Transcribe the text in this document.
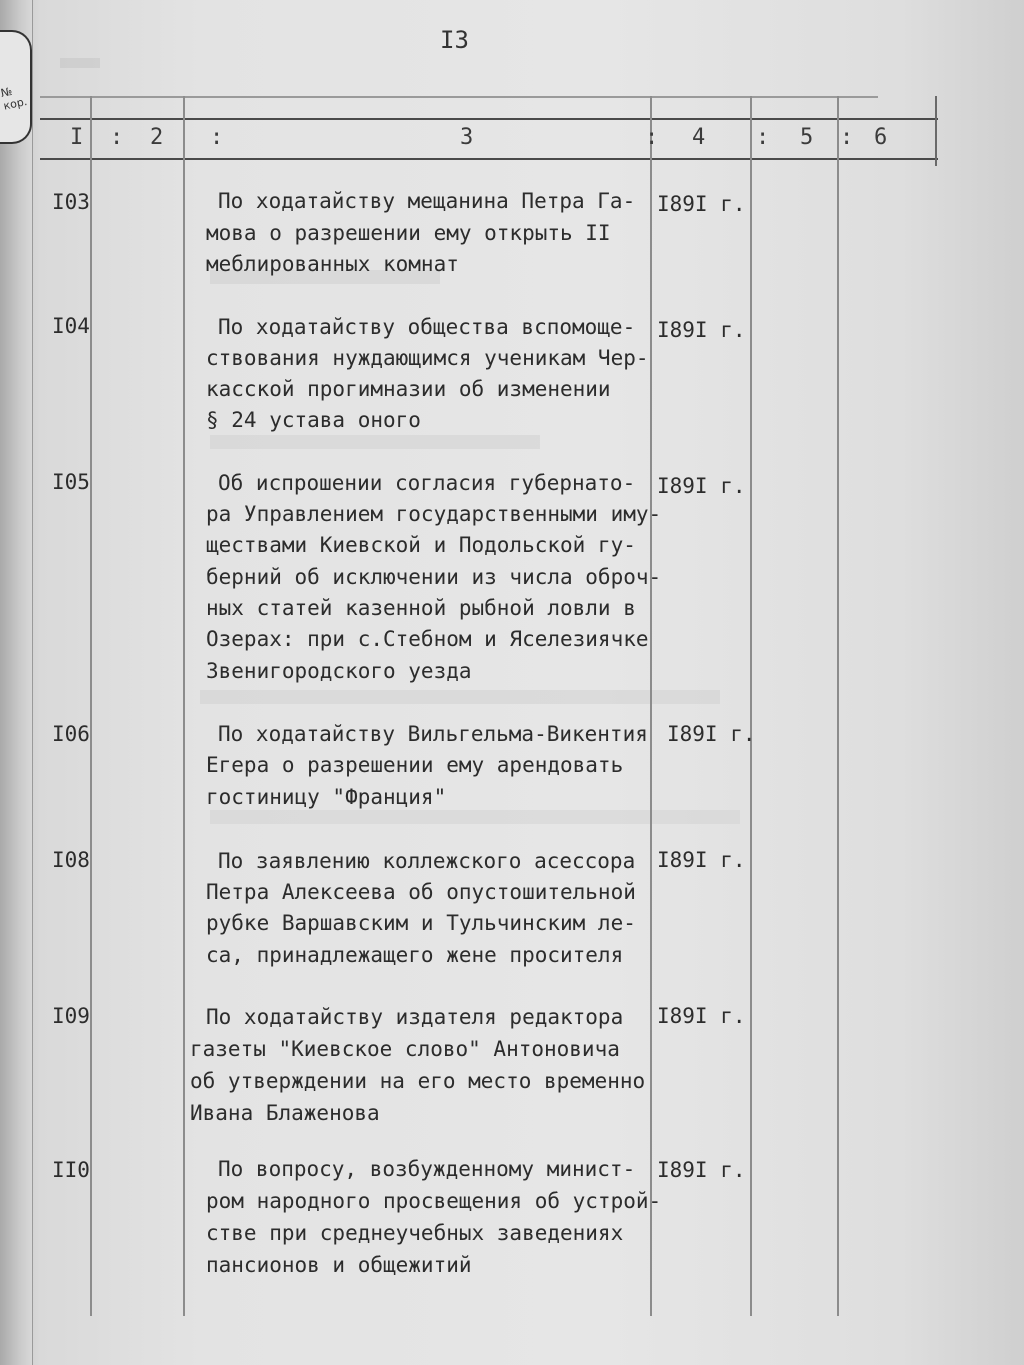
№ кор.
I3
I : 2 :	3	: 4 : 5 : 6
I03	По ходатайству мещанина Петра Га-
мова о разрешении ему открыть II
меблированных комнат
I89I г.
I04	По ходатайству общества вспомоще-
ствования нуждающимся ученикам Чер-
касской прогимназии об изменении
§ 24 устава оного
I89I г.
I05	Об испрошении согласия губернато-
ра Управлением государственными иму-
ществами Киевской и Подольской гу-
берний об исключении из числа оброч-
ных статей казенной рыбной ловли в
Озерах: при с.Стебном и Яселезиячке
Звенигородского уезда
I89I г.
I06	По ходатайству Вильгельма-Викентия
Егера о разрешении ему арендовать
гостиницу "Франция"
I89I г.
I08	По заявлению коллежского асессора
Петра Алексеева об опустошительной
рубке Варшавским и Тульчинским ле-
са, принадлежащего жене просителя
I89I г.
I09	По ходатайству издателя редактора
газеты "Киевское слово" Антоновича
об утверждении на его место временно
Ивана Блаженова
I89I г.
II0	По вопросу, возбужденному минист-
ром народного просвещения об устрой-
стве при среднеучебных заведениях
пансионов и общежитий
I89I г.
